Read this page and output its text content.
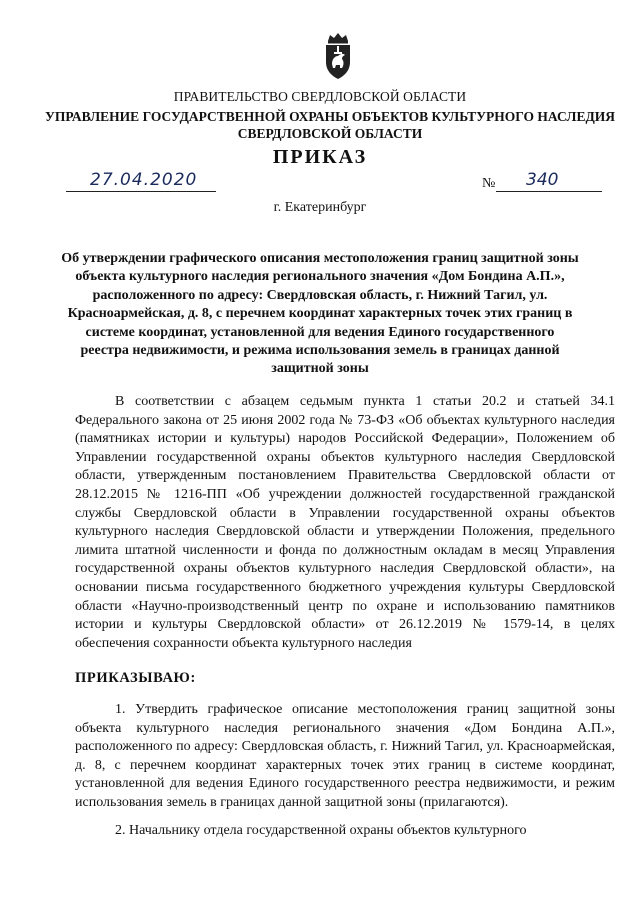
ПРАВИТЕЛЬСТВО СВЕРДЛОВСКОЙ ОБЛАСТИ
УПРАВЛЕНИЕ ГОСУДАРСТВЕННОЙ ОХРАНЫ ОБЪЕКТОВ КУЛЬТУРНОГО НАСЛЕДИЯ СВЕРДЛОВСКОЙ ОБЛАСТИ
ПРИКАЗ
27.04.2020	№ 340
г. Екатеринбург
Об утверждении графического описания местоположения границ защитной зоны объекта культурного наследия регионального значения «Дом Бондина А.П.», расположенного по адресу: Свердловская область, г. Нижний Тагил, ул. Красноармейская, д. 8, с перечнем координат характерных точек этих границ в системе координат, установленной для ведения Единого государственного реестра недвижимости, и режима использования земель в границах данной защитной зоны

В соответствии с абзацем седьмым пункта 1 статьи 20.2 и статьей 34.1 Федерального закона от 25 июня 2002 года № 73-ФЗ «Об объектах культурного наследия (памятниках истории и культуры) народов Российской Федерации», Положением об Управлении государственной охраны объектов культурного наследия Свердловской области, утвержденным постановлением Правительства Свердловской области от 28.12.2015 № 1216-ПП «Об учреждении должностей государственной гражданской службы Свердловской области в Управлении государственной охраны объектов культурного наследия Свердловской области и утверждении Положения, предельного лимита штатной численности и фонда по должностным окладам в месяц Управления государственной охраны объектов культурного наследия Свердловской области», на основании письма государственного бюджетного учреждения культуры Свердловской области «Научно-производственный центр по охране и использованию памятников истории и культуры Свердловской области» от 26.12.2019 № 1579-14, в целях обеспечения сохранности объекта культурного наследия

ПРИКАЗЫВАЮ:

1. Утвердить графическое описание местоположения границ защитной зоны объекта культурного наследия регионального значения «Дом Бондина А.П.», расположенного по адресу: Свердловская область, г. Нижний Тагил, ул. Красноармейская, д. 8, с перечнем координат характерных точек этих границ в системе координат, установленной для ведения Единого государственного реестра недвижимости, и режим использования земель в границах данной защитной зоны (прилагаются).

2. Начальнику отдела государственной охраны объектов культурного
